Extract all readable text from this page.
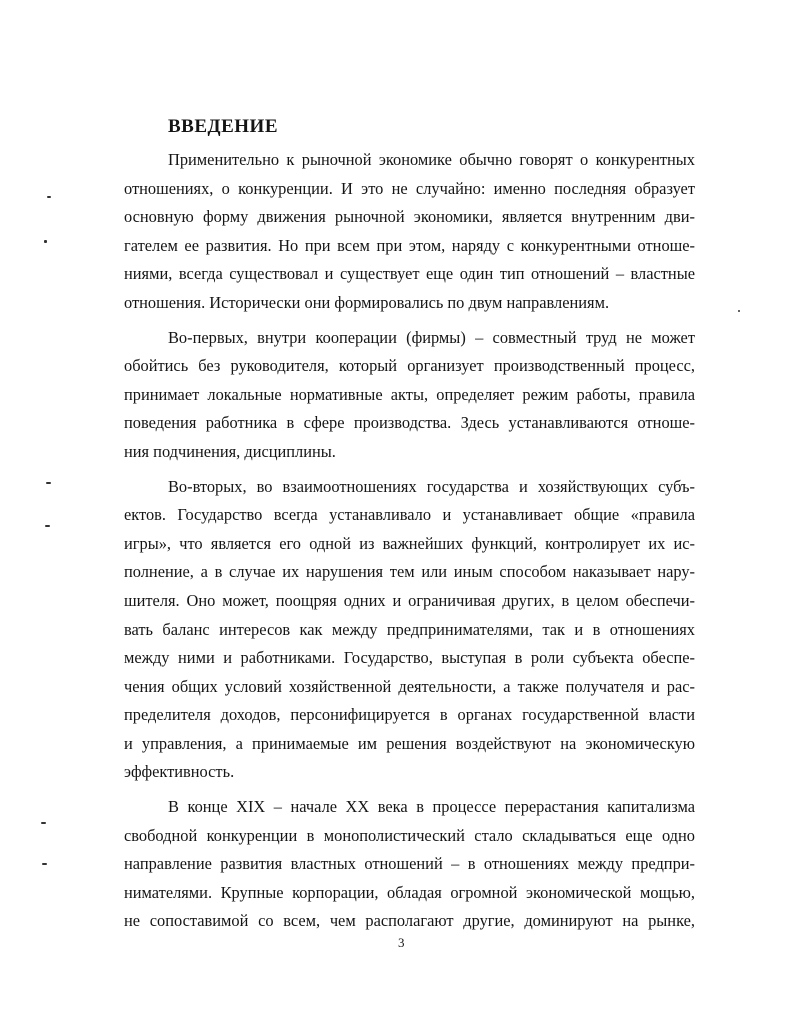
ВВЕДЕНИЕ
Применительно к рыночной экономике обычно говорят о конкурентных
отношениях, о конкуренции. И это не случайно: именно последняя образует
основную форму движения рыночной экономики, является внутренним дви-
гателем ее развития. Но при всем при этом, наряду с конкурентными отноше-
ниями, всегда существовал и существует еще один тип отношений – властные
отношения. Исторически они формировались по двум направлениям.
Во-первых, внутри кооперации (фирмы) – совместный труд не может
обойтись без руководителя, который организует производственный процесс,
принимает локальные нормативные акты, определяет режим работы, правила
поведения работника в сфере производства. Здесь устанавливаются отноше-
ния подчинения, дисциплины.
Во-вторых, во взаимоотношениях государства и хозяйствующих субъ-
ектов. Государство всегда устанавливало и устанавливает общие «правила
игры», что является его одной из важнейших функций, контролирует их ис-
полнение, а в случае их нарушения тем или иным способом наказывает нару-
шителя. Оно может, поощряя одних и ограничивая других, в целом обеспечи-
вать баланс интересов как между предпринимателями, так и в отношениях
между ними и работниками. Государство, выступая в роли субъекта обеспе-
чения общих условий хозяйственной деятельности, а также получателя и рас-
пределителя доходов, персонифицируется в органах государственной власти
и управления, а принимаемые им решения воздействуют на экономическую
эффективность.
В конце XIX – начале XX века в процессе перерастания капитализма
свободной конкуренции в монополистический стало складываться еще одно
направление развития властных отношений – в отношениях между предпри-
нимателями. Крупные корпорации, обладая огромной экономической мощью,
не сопоставимой со всем, чем располагают другие, доминируют на рынке,
3
